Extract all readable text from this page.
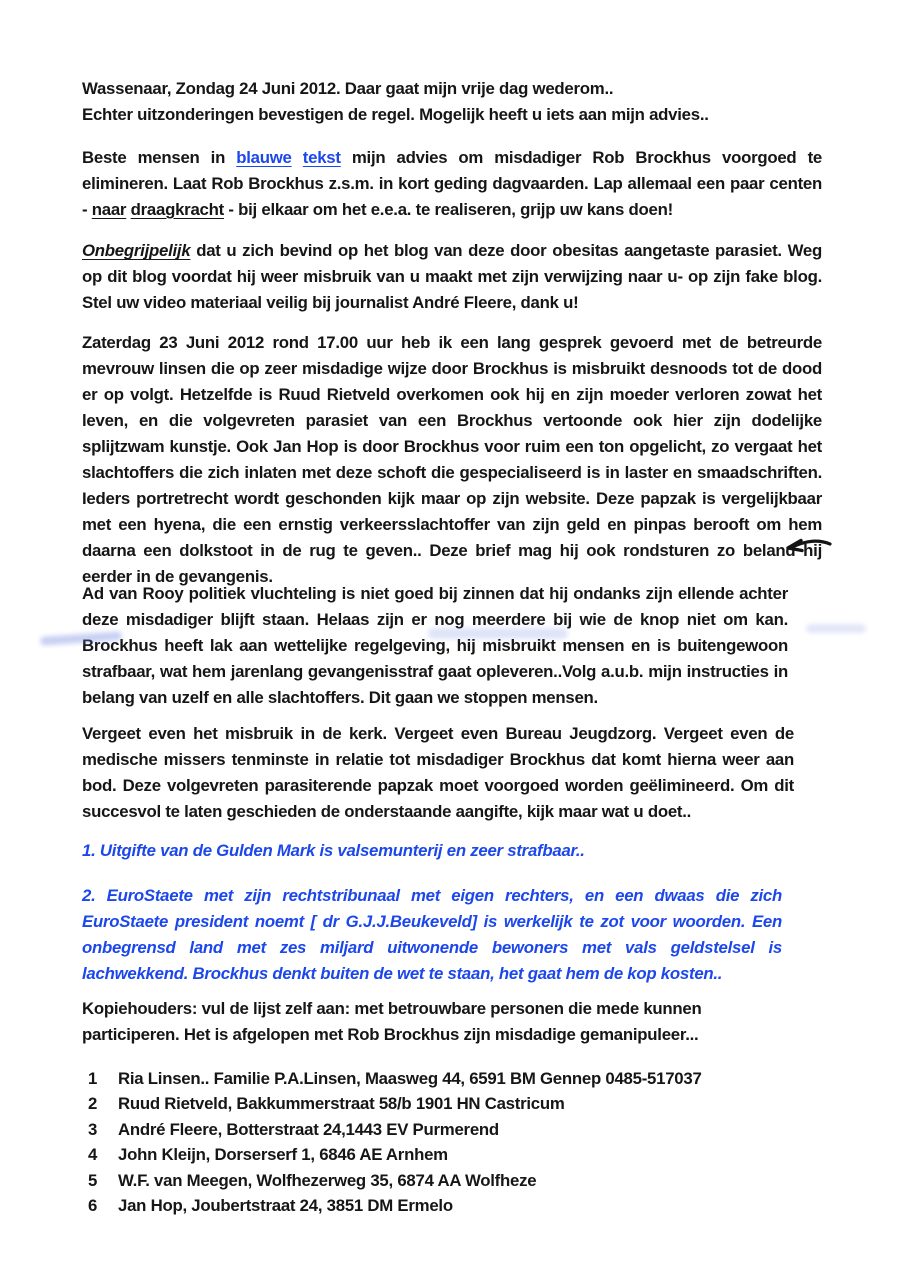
Wassenaar, Zondag 24 Juni 2012. Daar gaat mijn vrije dag wederom..
Echter uitzonderingen bevestigen de regel. Mogelijk heeft u iets aan mijn advies..
Beste mensen in blauwe tekst mijn advies om misdadiger Rob Brockhus voorgoed te elimineren. Laat Rob Brockhus z.s.m. in kort geding dagvaarden. Lap allemaal een paar centen - naar draagkracht - bij elkaar om het e.e.a. te realiseren, grijp uw kans doen!
Onbegrijpelijk dat u zich bevind op het blog van deze door obesitas aangetaste parasiet. Weg op dit blog voordat hij weer misbruik van u maakt met zijn verwijzing naar u- op zijn fake blog. Stel uw video materiaal veilig bij journalist André Fleere, dank u!
Zaterdag 23 Juni 2012 rond 17.00 uur heb ik een lang gesprek gevoerd met de betreurde mevrouw linsen die op zeer misdadige wijze door Brockhus is misbruikt desnoods tot de dood er op volgt. Hetzelfde is Ruud Rietveld overkomen ook hij en zijn moeder verloren zowat het leven, en die volgevreten parasiet van een Brockhus vertoonde ook hier zijn dodelijke splijtzwam kunstje. Ook Jan Hop is door Brockhus voor ruim een ton opgelicht, zo vergaat het slachtoffers die zich inlaten met deze schoft die gespecialiseerd is in laster en smaadschriften. Ieders portretrecht wordt geschonden kijk maar op zijn website. Deze papzak is vergelijkbaar met een hyena, die een ernstig verkeersslachtoffer van zijn geld en pinpas berooft om hem daarna een dolkstoot in de rug te geven.. Deze brief mag hij ook rondsturen zo beland hij eerder in de gevangenis.
Ad van Rooy politiek vluchteling is niet goed bij zinnen dat hij ondanks zijn ellende achter deze misdadiger blijft staan. Helaas zijn er nog meerdere bij wie de knop niet om kan. Brockhus heeft lak aan wettelijke regelgeving, hij misbruikt mensen en is buitengewoon strafbaar, wat hem jarenlang gevangenisstraf gaat opleveren..Volg a.u.b. mijn instructies in belang van uzelf en alle slachtoffers. Dit gaan we stoppen mensen.
Vergeet even het misbruik in de kerk. Vergeet even Bureau Jeugdzorg. Vergeet even de medische missers tenminste in relatie tot misdadiger Brockhus dat komt hierna weer aan bod. Deze volgevreten parasiterende papzak moet voorgoed worden geëlimineerd. Om dit succesvol te laten geschieden de onderstaande aangifte, kijk maar wat u doet..
1. Uitgifte van de Gulden Mark is valsemunterij en zeer strafbaar..
2. EuroStaete met zijn rechtstribunaal met eigen rechters, en een dwaas die zich EuroStaete president noemt [ dr G.J.J.Beukeveld] is werkelijk te zot voor woorden. Een onbegrensd land met zes miljard uitwonende bewoners met vals geldstelsel is lachwekkend. Brockhus denkt buiten de wet te staan, het gaat hem de kop kosten..
Kopiehouders: vul de lijst zelf aan: met betrouwbare personen die mede kunnen participeren. Het is afgelopen met Rob Brockhus zijn misdadige gemanipuleer...
1	Ria Linsen.. Familie P.A.Linsen, Maasweg 44, 6591 BM Gennep 0485-517037
2	Ruud Rietveld, Bakkummerstraat 58/b 1901 HN Castricum
3	André Fleere, Botterstraat 24,1443 EV Purmerend
4	John Kleijn, Dorserserf 1, 6846 AE Arnhem
5	W.F. van Meegen, Wolfhezerweg 35, 6874 AA Wolfheze
6	Jan Hop, Joubertstraat 24, 3851 DM Ermelo
